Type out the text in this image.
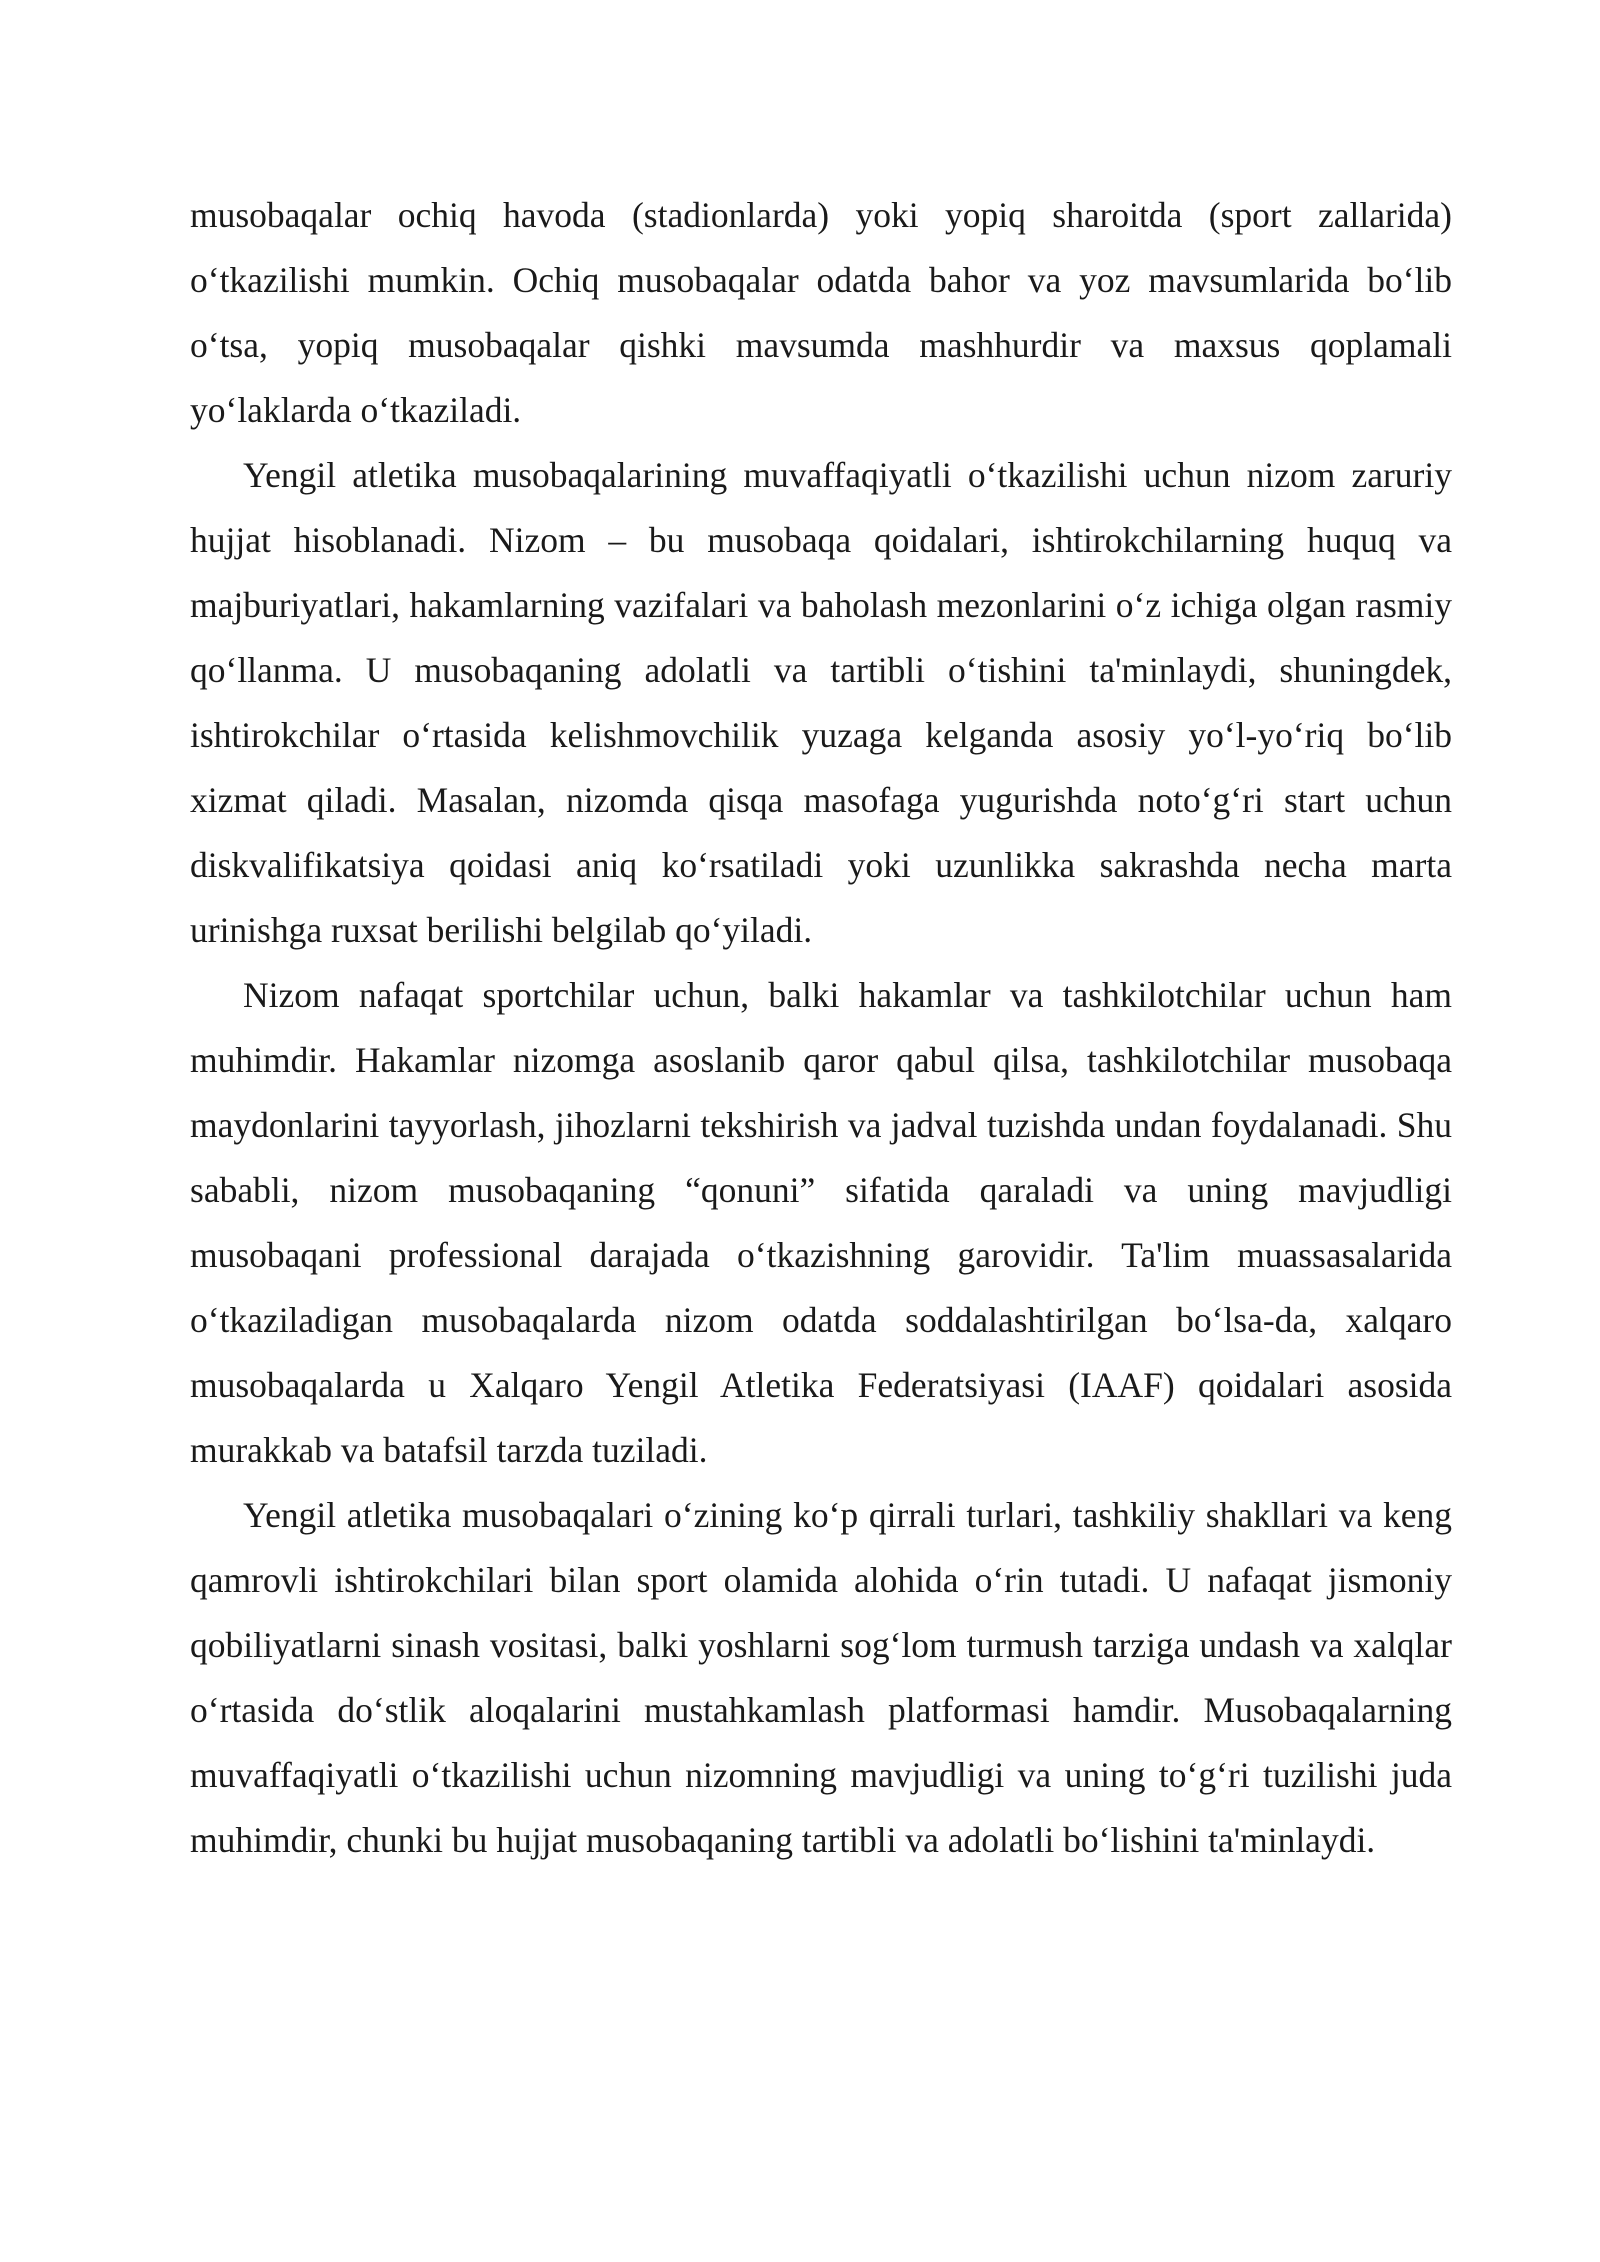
musobaqalar ochiq havoda (stadionlarda) yoki yopiq sharoitda (sport zallarida) o‘tkazilishi mumkin. Ochiq musobaqalar odatda bahor va yoz mavsumlarida bo‘lib o‘tsa, yopiq musobaqalar qishki mavsumda mashhurdir va maxsus qoplamali yo‘laklarda o‘tkaziladi.

Yengil atletika musobaqalarining muvaffaqiyatli o‘tkazilishi uchun nizom zaruriy hujjat hisoblanadi. Nizom – bu musobaqa qoidalari, ishtirokchilarning huquq va majburiyatlari, hakamlarning vazifalari va baholash mezonlarini o‘z ichiga olgan rasmiy qo‘llanma. U musobaqaning adolatli va tartibli o‘tishini ta'minlaydi, shuningdek, ishtirokchilar o‘rtasida kelishmovchilik yuzaga kelganda asosiy yo‘l-yo‘riq bo‘lib xizmat qiladi. Masalan, nizomda qisqa masofaga yugurishda noto‘g‘ri start uchun diskvalifikatsiya qoidasi aniq ko‘rsatiladi yoki uzunlikka sakrashda necha marta urinishga ruxsat berilishi belgilab qo‘yiladi.

Nizom nafaqat sportchilar uchun, balki hakamlar va tashkilotchilar uchun ham muhimdir. Hakamlar nizomga asoslanib qaror qabul qilsa, tashkilotchilar musobaqa maydonlarini tayyorlash, jihozlarni tekshirish va jadval tuzishda undan foydalanadi. Shu sababli, nizom musobaqaning “qonuni” sifatida qaraladi va uning mavjudligi musobaqani professional darajada o‘tkazishning garovidir. Ta'lim muassasalarida o‘tkaziladigan musobaqalarda nizom odatda soddalashtirilgan bo‘lsa-da, xalqaro musobaqalarda u Xalqaro Yengil Atletika Federatsiyasi (IAAF) qoidalari asosida murakkab va batafsil tarzda tuziladi.

Yengil atletika musobaqalari o‘zining ko‘p qirrali turlari, tashkiliy shakllari va keng qamrovli ishtirokchilari bilan sport olamida alohida o‘rin tutadi. U nafaqat jismoniy qobiliyatlarni sinash vositasi, balki yoshlarni sog‘lom turmush tarziga undash va xalqlar o‘rtasida do‘stlik aloqalarini mustahkamlash platformasi hamdir. Musobaqalarning muvaffaqiyatli o‘tkazilishi uchun nizomning mavjudligi va uning to‘g‘ri tuzilishi juda muhimdir, chunki bu hujjat musobaqaning tartibli va adolatli bo‘lishini ta'minlaydi.
